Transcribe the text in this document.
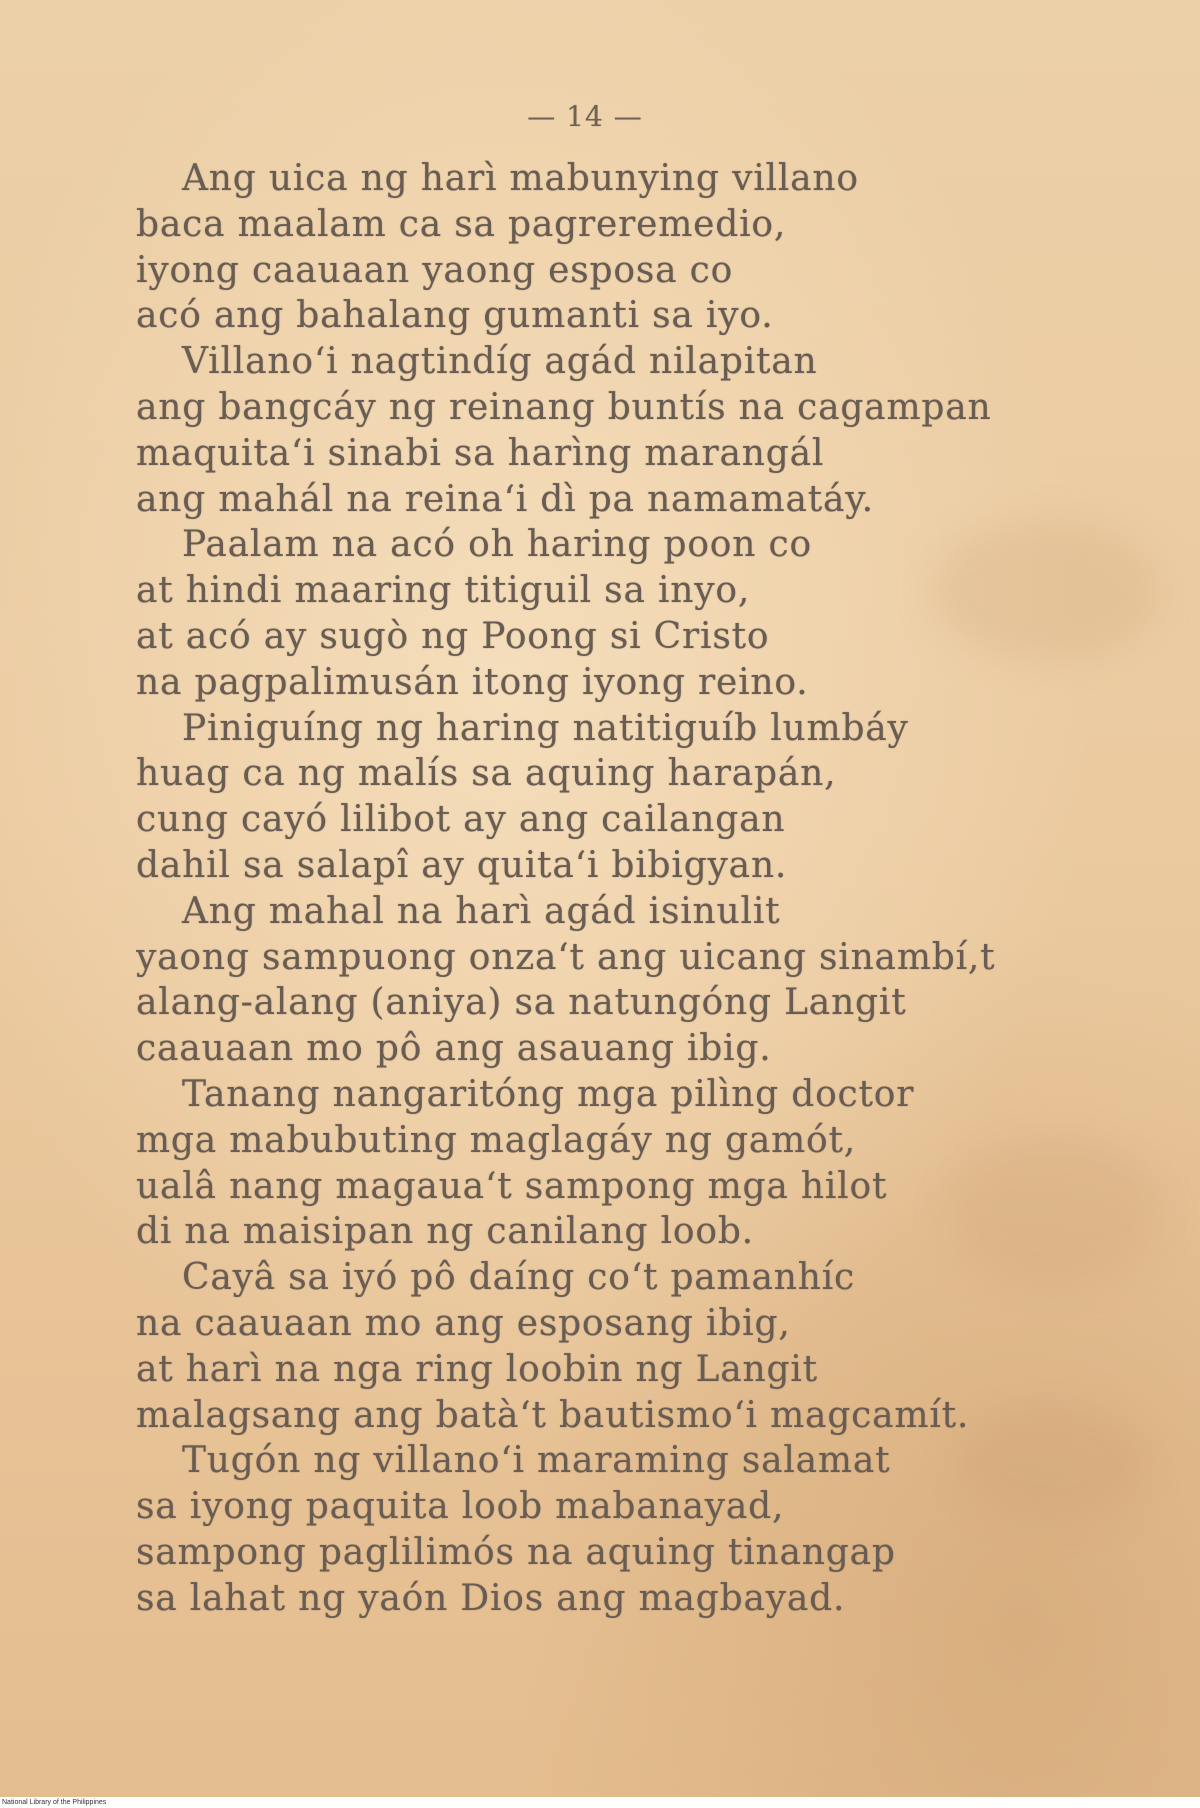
— 14 —
Ang uica ng harì mabunying villano
baca maalam ca sa pagreremedio,
iyong caauaan yaong esposa co
acó ang bahalang gumanti sa iyo.
Villano‘i nagtindíg agád nilapitan
ang bangcáy ng reinang buntís na cagampan
maquita‘i sinabi sa harìng marangál
ang mahál na reina‘i dì pa namamatáy.
Paalam na acó oh haring poon co
at hindi maaring titiguil sa inyo,
at acó ay sugò ng Poong si Cristo
na pagpalimusán itong iyong reino.
Piniguíng ng haring natitiguíb lumbáy
huag ca ng malís sa aquing harapán,
cung cayó lilibot ay ang cailangan
dahil sa salapî ay quita‘i bibigyan.
Ang mahal na harì agád isinulit
yaong sampuong onza‘t ang uicang sinambí,t
alang-alang (aniya) sa natungóng Langit
caauaan mo pô ang asauang ibig.
Tanang nangaritóng mga pilìng doctor
mga mabubuting maglagáy ng gamót,
ualâ nang magaua‘t sampong mga hilot
di na maisipan ng canilang loob.
Cayâ sa iyó pô daíng co‘t pamanhíc
na caauaan mo ang esposang ibig,
at harì na nga ring loobin ng Langit
malagsang ang batà‘t bautismo‘i magcamít.
Tugón ng villano‘i maraming salamat
sa iyong paquita loob mabanayad,
sampong paglilimós na aquing tinangap
sa lahat ng yaón Dios ang magbayad.
National Library of the Philippines
